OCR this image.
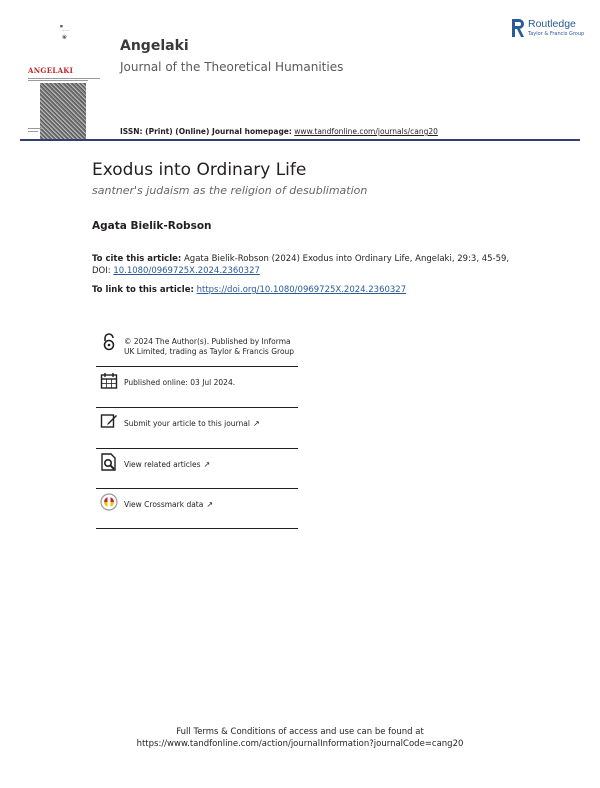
■
~~~
❀
ANGELAKI
Angelaki
Journal of the Theoretical Humanities
ISSN: (Print) (Online) Journal homepage: www.tandfonline.com/journals/cang20
Routledge
Taylor & Francis Group
Exodus into Ordinary Life
santner's judaism as the religion of desublimation
Agata Bielik-Robson
To cite this article: Agata Bielik-Robson (2024) Exodus into Ordinary Life, Angelaki, 29:3, 45-59,
DOI: 10.1080/0969725X.2024.2360327
To link to this article: https://doi.org/10.1080/0969725X.2024.2360327
© 2024 The Author(s). Published by Informa UK Limited, trading as Taylor & Francis Group
Published online: 03 Jul 2024.
Submit your article to this journal ↗
View related articles ↗
View Crossmark data ↗
Full Terms & Conditions of access and use can be found at
https://www.tandfonline.com/action/journalInformation?journalCode=cang20
